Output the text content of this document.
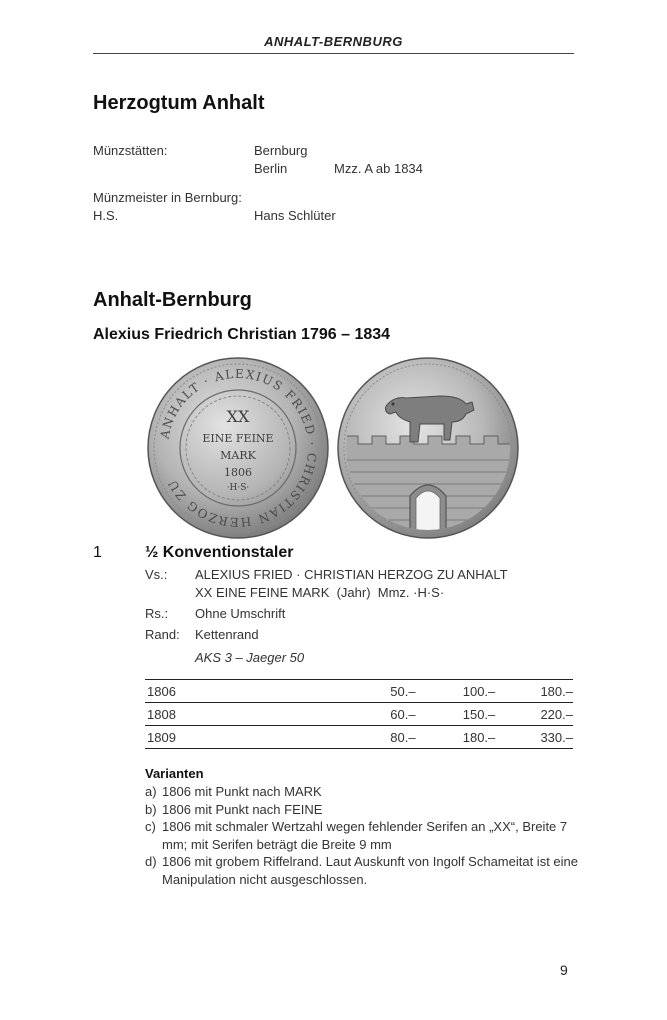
ANHALT-BERNBURG
Herzogtum Anhalt
Münzstätten:	Bernburg
Berlin	Mzz. A ab 1834
Münzmeister in Bernburg:
H.S.	Hans Schlüter
Anhalt-Bernburg
Alexius Friedrich Christian 1796 – 1834
ANHALT · ALEXIUS FRIED · CHRISTIAN HERZOG ZU
XX
EINE FEINE
MARK
1806
·H·S·
1	½ Konventionstaler
Vs.: ALEXIUS FRIED · CHRISTIAN HERZOG ZU ANHALT
XX EINE FEINE MARK  (Jahr)  Mmz. ·H·S·
Rs.: Ohne Umschrift
Rand: Kettenrand
AKS 3 – Jaeger 50
1806	50.–	100.–	180.–
1808	60.–	150.–	220.–
1809	80.–	180.–	330.–
Varianten
a) 1806 mit Punkt nach MARK
b) 1806 mit Punkt nach FEINE
c) 1806 mit schmaler Wertzahl wegen fehlender Serifen an „XX“, Breite 7 mm; mit Serifen beträgt die Breite 9 mm
d) 1806 mit grobem Riffelrand. Laut Auskunft von Ingolf Schameitat ist eine Manipulation nicht ausgeschlossen.
9
